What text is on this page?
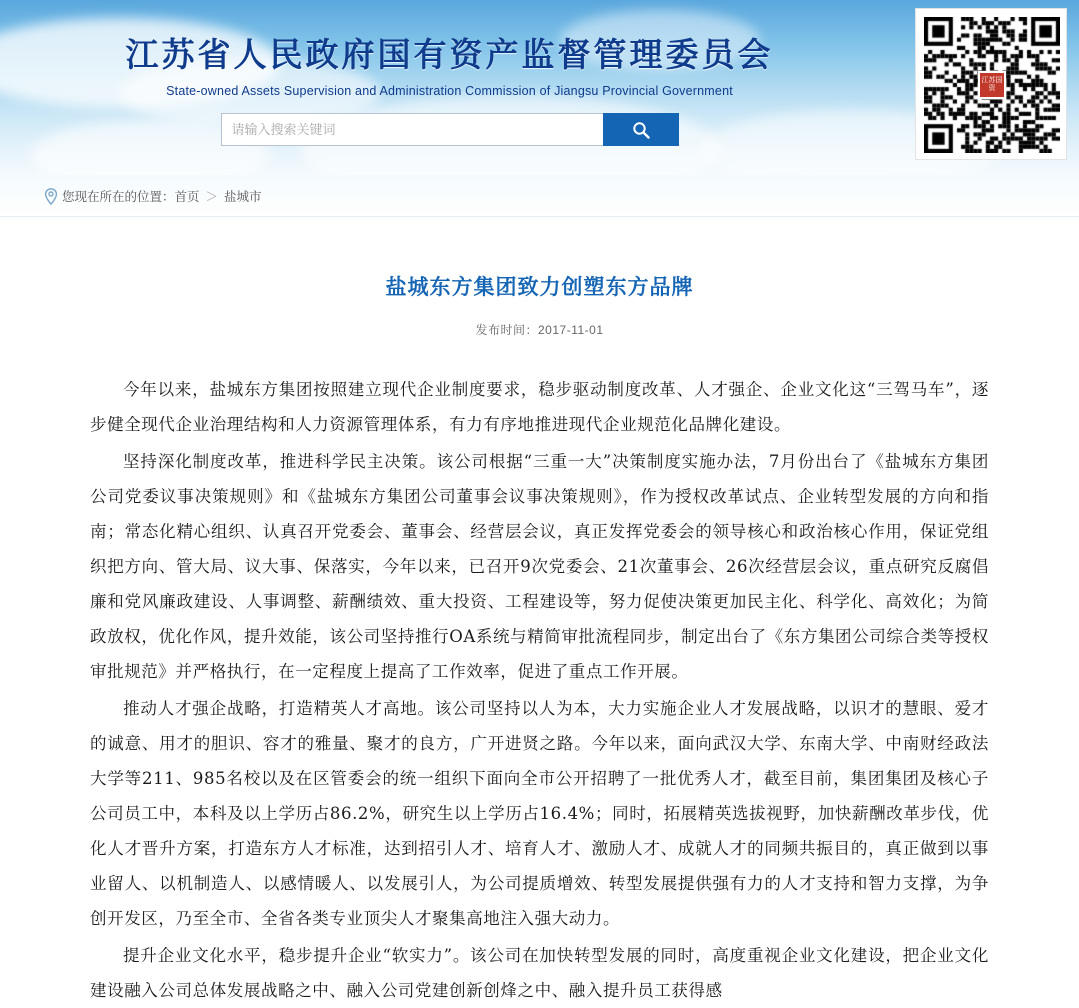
江苏省人民政府国有资产监督管理委员会
State-owned Assets Supervision and Administration Commission of Jiangsu Provincial Government
请输入搜索关键词
江苏国资
您现在所在的位置： 首页 ＞ 盐城市
盐城东方集团致力创塑东方品牌
发布时间：2017-11-01

今年以来，盐城东方集团按照建立现代企业制度要求，稳步驱动制度改革、人才强企、企业文化这“三驾马车”，逐步健全现代企业治理结构和人力资源管理体系，有力有序地推进现代企业规范化品牌化建设。

坚持深化制度改革，推进科学民主决策。该公司根据“三重一大”决策制度实施办法，7月份出台了《盐城东方集团公司党委议事决策规则》和《盐城东方集团公司董事会议事决策规则》，作为授权改革试点、企业转型发展的方向和指南；常态化精心组织、认真召开党委会、董事会、经营层会议，真正发挥党委会的领导核心和政治核心作用，保证党组织把方向、管大局、议大事、保落实，今年以来，已召开9次党委会、21次董事会、26次经营层会议，重点研究反腐倡廉和党风廉政建设、人事调整、薪酬绩效、重大投资、工程建设等，努力促使决策更加民主化、科学化、高效化；为简政放权，优化作风，提升效能，该公司坚持推行OA系统与精简审批流程同步，制定出台了《东方集团公司综合类等授权审批规范》并严格执行，在一定程度上提高了工作效率，促进了重点工作开展。

推动人才强企战略，打造精英人才高地。该公司坚持以人为本，大力实施企业人才发展战略，以识才的慧眼、爱才的诚意、用才的胆识、容才的雅量、聚才的良方，广开进贤之路。今年以来，面向武汉大学、东南大学、中南财经政法大学等211、985名校以及在区管委会的统一组织下面向全市公开招聘了一批优秀人才，截至目前，集团集团及核心子公司员工中，本科及以上学历占86.2%，研究生以上学历占16.4%；同时，拓展精英选拔视野，加快薪酬改革步伐，优化人才晋升方案，打造东方人才标准，达到招引人才、培育人才、激励人才、成就人才的同频共振目的，真正做到以事业留人、以机制造人、以感情暖人、以发展引人，为公司提质增效、转型发展提供强有力的人才支持和智力支撑，为争创开发区，乃至全市、全省各类专业顶尖人才聚集高地注入强大动力。

提升企业文化水平，稳步提升企业“软实力”。该公司在加快转型发展的同时，高度重视企业文化建设，把企业文化建设融入公司总体发展战略之中、融入公司党建创新创烽之中、融入提升员工获得感
